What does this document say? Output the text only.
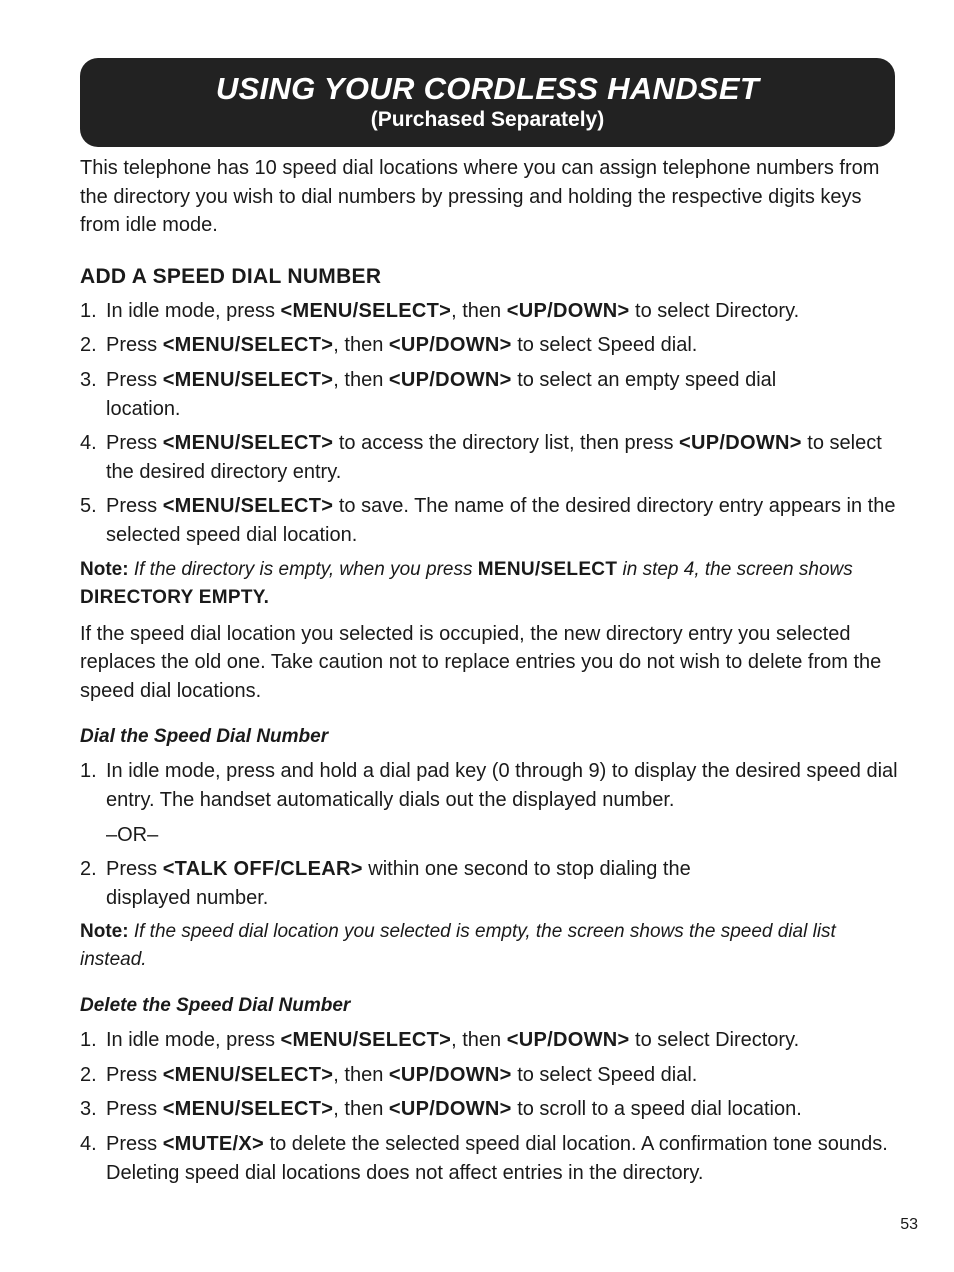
USING YOUR CORDLESS HANDSET
(Purchased Separately)

This telephone has 10 speed dial locations where you can assign telephone numbers from the directory you wish to dial numbers by pressing and holding the respective digits keys from idle mode.

ADD A SPEED DIAL NUMBER
1. In idle mode, press <MENU/SELECT>, then <UP/DOWN> to select Directory.
2. Press <MENU/SELECT>, then <UP/DOWN> to select Speed dial.
3. Press <MENU/SELECT>, then <UP/DOWN> to select an empty speed dial location.
4. Press <MENU/SELECT> to access the directory list, then press <UP/DOWN> to select the desired directory entry.
5. Press <MENU/SELECT> to save. The name of the desired directory entry appears in the selected speed dial location.

Note: If the directory is empty, when you press MENU/SELECT in step 4, the screen shows DIRECTORY EMPTY.

If the speed dial location you selected is occupied, the new directory entry you selected replaces the old one. Take caution not to replace entries you do not wish to delete from the speed dial locations.

Dial the Speed Dial Number
1. In idle mode, press and hold a dial pad key (0 through 9) to display the desired speed dial entry. The handset automatically dials out the displayed number.
–OR–
2. Press <TALK OFF/CLEAR> within one second to stop dialing the displayed number.

Note: If the speed dial location you selected is empty, the screen shows the speed dial list instead.

Delete the Speed Dial Number
1. In idle mode, press <MENU/SELECT>, then <UP/DOWN> to select Directory.
2. Press <MENU/SELECT>, then <UP/DOWN> to select Speed dial.
3. Press <MENU/SELECT>, then <UP/DOWN> to scroll to a speed dial location.
4. Press <MUTE/X> to delete the selected speed dial location. A confirmation tone sounds. Deleting speed dial locations does not affect entries in the directory.
53
